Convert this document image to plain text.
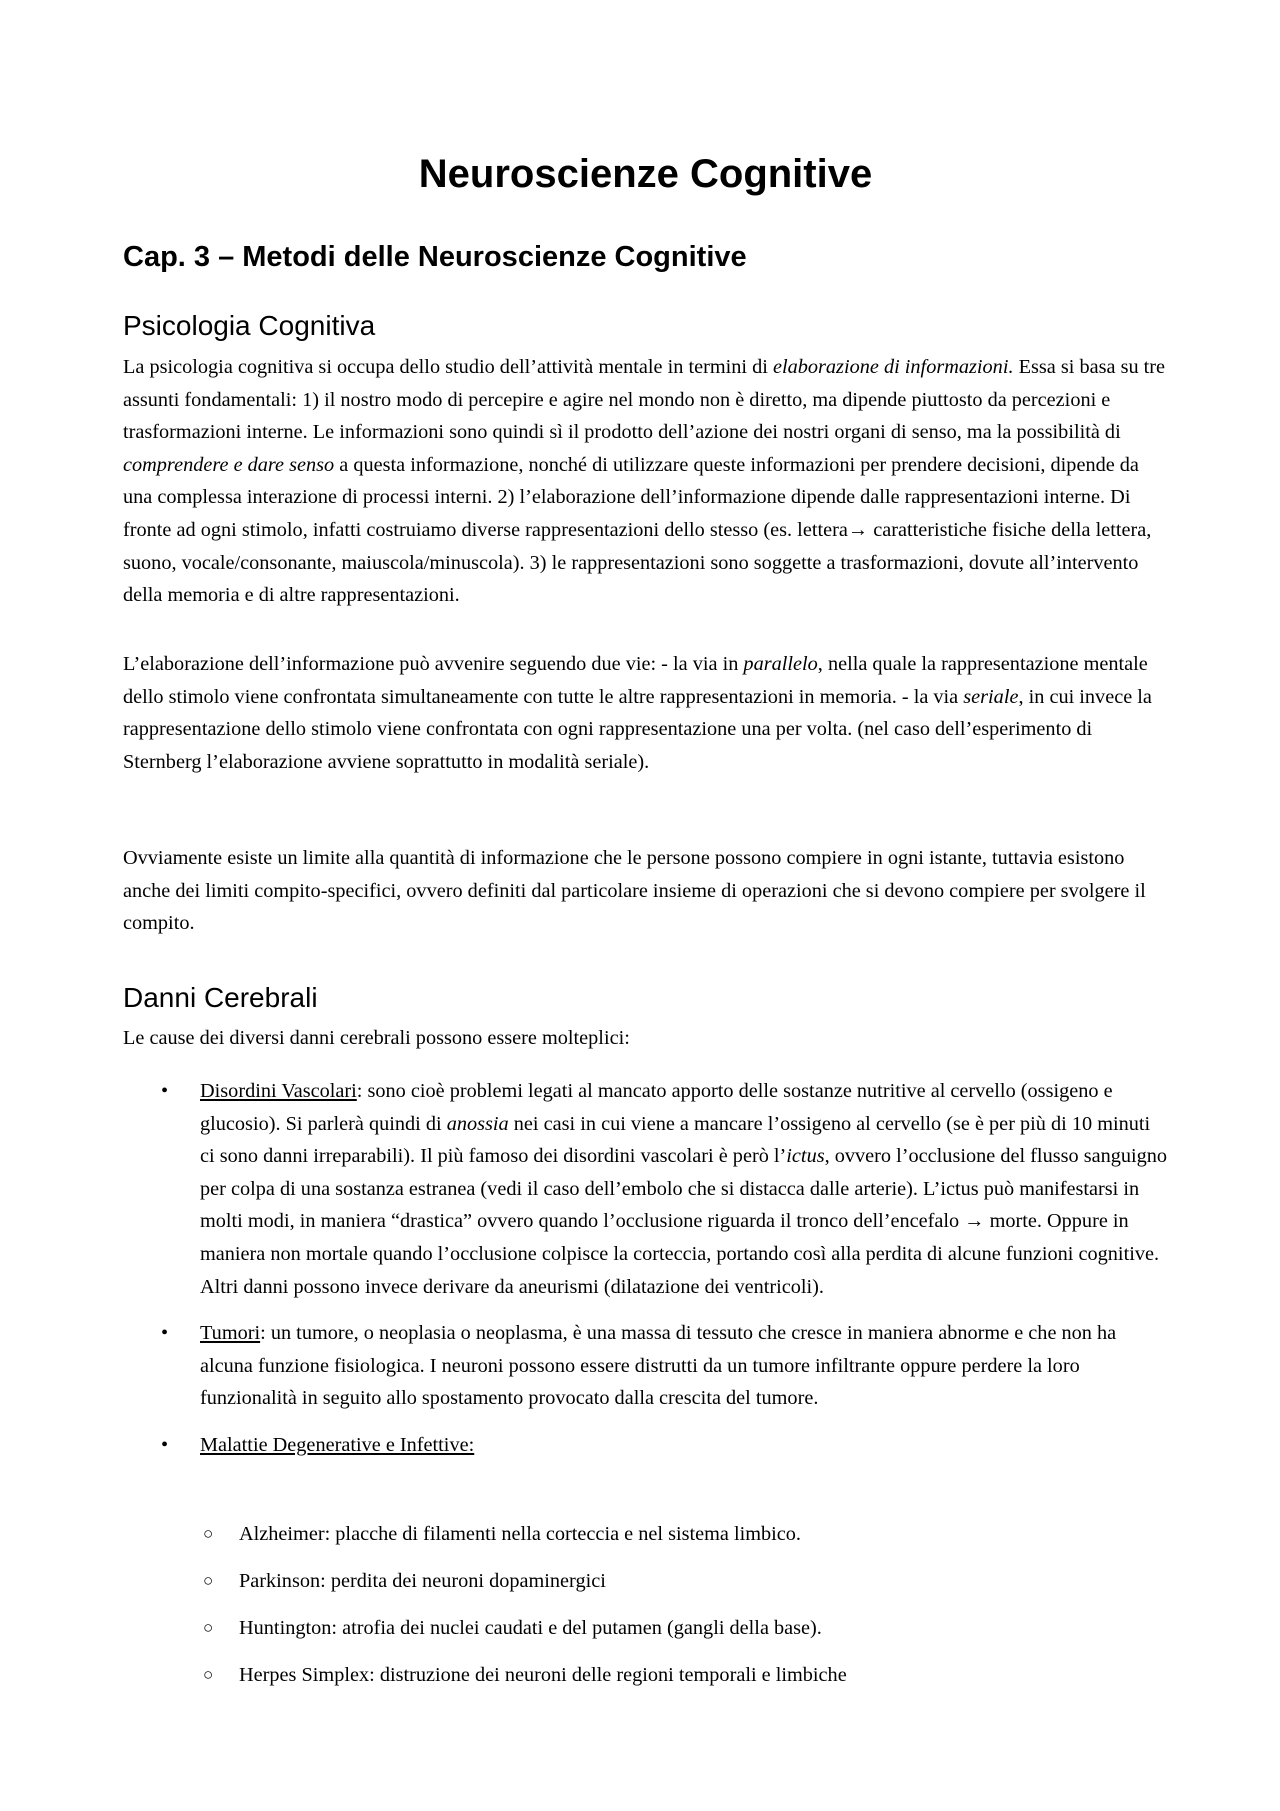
Neuroscienze Cognitive
Cap. 3 – Metodi delle Neuroscienze Cognitive
Psicologia Cognitiva

La psicologia cognitiva si occupa dello studio dell’attività mentale in termini di elaborazione di informazioni. Essa si basa su tre assunti fondamentali: 1) il nostro modo di percepire e agire nel mondo non è diretto, ma dipende piuttosto da percezioni e trasformazioni interne. Le informazioni sono quindi sì il prodotto dell’azione dei nostri organi di senso, ma la possibilità di comprendere e dare senso a questa informazione, nonché di utilizzare queste informazioni per prendere decisioni, dipende da una complessa interazione di processi interni. 2) l’elaborazione dell’informazione dipende dalle rappresentazioni interne. Di fronte ad ogni stimolo, infatti costruiamo diverse rappresentazioni dello stesso (es. lettera→ caratteristiche fisiche della lettera, suono, vocale/consonante, maiuscola/minuscola). 3) le rappresentazioni sono soggette a trasformazioni, dovute all’intervento della memoria e di altre rappresentazioni.

L’elaborazione dell’informazione può avvenire seguendo due vie: - la via in parallelo, nella quale la rappresentazione mentale dello stimolo viene confrontata simultaneamente con tutte le altre rappresentazioni in memoria. - la via seriale, in cui invece la rappresentazione dello stimolo viene confrontata con ogni rappresentazione una per volta. (nel caso dell’esperimento di Sternberg l’elaborazione avviene soprattutto in modalità seriale).

Ovviamente esiste un limite alla quantità di informazione che le persone possono compiere in ogni istante, tuttavia esistono anche dei limiti compito-specifici, ovvero definiti dal particolare insieme di operazioni che si devono compiere per svolgere il compito.

Danni Cerebrali

Le cause dei diversi danni cerebrali possono essere molteplici:

• Disordini Vascolari: sono cioè problemi legati al mancato apporto delle sostanze nutritive al cervello (ossigeno e glucosio). Si parlerà quindi di anossia nei casi in cui viene a mancare l’ossigeno al cervello (se è per più di 10 minuti ci sono danni irreparabili). Il più famoso dei disordini vascolari è però l’ictus, ovvero l’occlusione del flusso sanguigno per colpa di una sostanza estranea (vedi il caso dell’embolo che si distacca dalle arterie). L’ictus può manifestarsi in molti modi, in maniera “drastica” ovvero quando l’occlusione riguarda il tronco dell’encefalo → morte. Oppure in maniera non mortale quando l’occlusione colpisce la corteccia, portando così alla perdita di alcune funzioni cognitive. Altri danni possono invece derivare da aneurismi (dilatazione dei ventricoli).
• Tumori: un tumore, o neoplasia o neoplasma, è una massa di tessuto che cresce in maniera abnorme e che non ha alcuna funzione fisiologica. I neuroni possono essere distrutti da un tumore infiltrante oppure perdere la loro funzionalità in seguito allo spostamento provocato dalla crescita del tumore.
• Malattie Degenerative e Infettive:
○ Alzheimer: placche di filamenti nella corteccia e nel sistema limbico.
○ Parkinson: perdita dei neuroni dopaminergici
○ Huntington: atrofia dei nuclei caudati e del putamen (gangli della base).
○ Herpes Simplex: distruzione dei neuroni delle regioni temporali e limbiche
